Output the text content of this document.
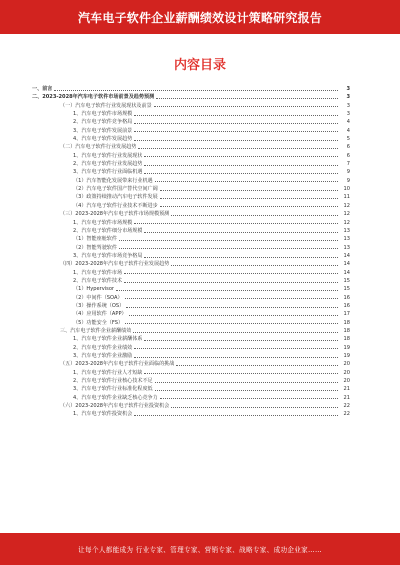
汽车电子软件企业薪酬绩效设计策略研究报告
内容目录
一、前言	3
二、2023-2028年汽车电子软件市场前景及趋势预测	3
（一）汽车电子软件行业发展现状及前景	3
1、汽车电子软件市场规模	3
2、汽车电子软件竞争格局	4
3、汽车电子软件发展前景	4
4、汽车电子软件发展趋势	5
（二）汽车电子软件行业发展趋势	6
1、汽车电子软件行业发展现状	6
2、汽车电子软件行业发展趋势	7
3、汽车电子软件行业面临机遇	9
（1）汽车智能化发展带来行业机遇	9
（2）汽车电子软件国产替代空间广阔	10
（3）政策持续推动汽车电子软件发展	11
（4）汽车电子软件行业技术不断进步	12
（三）2023-2028年汽车电子软件市场规模预测	12
1、汽车电子软件市场规模	12
2、汽车电子软件细分市场规模	13
（1）智能座舱软件	13
（2）智能驾驶软件	13
3、汽车电子软件市场竞争格局	14
（四）2023-2028年汽车电子软件行业发展趋势	14
1、汽车电子软件市场	14
2、汽车电子软件技术	15
（1）Hypervisor	15
（2）中间件（SOA）	16
（3）操作系统（OS）	16
（4）应用软件（APP）	17
（5）功能安全（FS）	18
三、汽车电子软件企业薪酬绩效	18
1、汽车电子软件企业薪酬体系	18
2、汽车电子软件企业绩效	19
3、汽车电子软件企业激励	19
（五）2023-2028年汽车电子软件行业面临的挑战	20
1、汽车电子软件行业人才短缺	20
2、汽车电子软件行业核心技术不足	20
3、汽车电子软件行业标准化程度低	21
4、汽车电子软件企业缺乏核心竞争力	21
（六）2023-2028年汽车电子软件行业投资机会	22
1、汽车电子软件投资机会	22
让每个人都能成为 行业专家、管理专家、营销专家、战略专家、成功企业家……
